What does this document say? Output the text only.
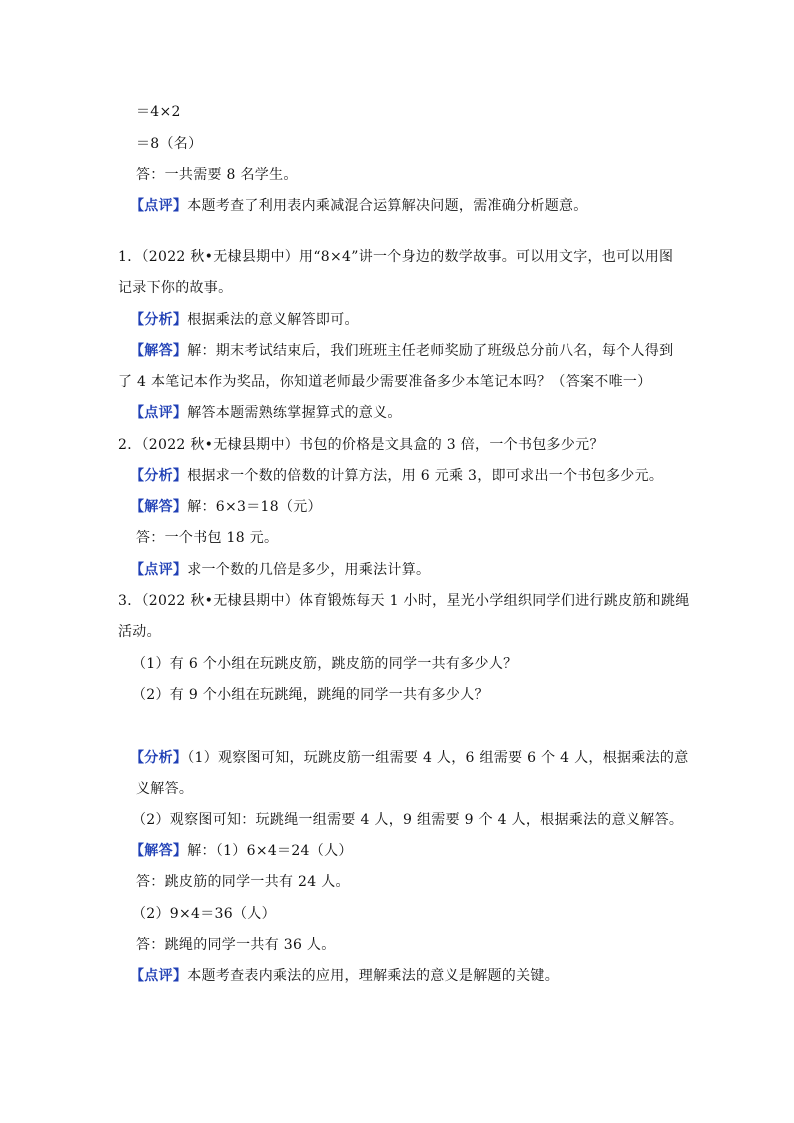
＝4×2
＝8（名）
答：一共需要 8 名学生。
【点评】本题考查了利用表内乘减混合运算解决问题，需准确分析题意。
1．（2022 秋•无棣县期中）用“8×4”讲一个身边的数学故事。可以用文字，也可以用图
记录下你的故事。
【分析】根据乘法的意义解答即可。
【解答】解：期末考试结束后，我们班班主任老师奖励了班级总分前八名，每个人得到
了 4 本笔记本作为奖品，你知道老师最少需要准备多少本笔记本吗？（答案不唯一）
【点评】解答本题需熟练掌握算式的意义。
2．（2022 秋•无棣县期中）书包的价格是文具盒的 3 倍，一个书包多少元？
【分析】根据求一个数的倍数的计算方法，用 6 元乘 3，即可求出一个书包多少元。
【解答】解：6×3＝18（元）
答：一个书包 18 元。
【点评】求一个数的几倍是多少，用乘法计算。
3．（2022 秋•无棣县期中）体育锻炼每天 1 小时，星光小学组织同学们进行跳皮筋和跳绳
活动。
（1）有 6 个小组在玩跳皮筋，跳皮筋的同学一共有多少人？
（2）有 9 个小组在玩跳绳，跳绳的同学一共有多少人？
【分析】（1）观察图可知，玩跳皮筋一组需要 4 人，6 组需要 6 个 4 人，根据乘法的意
义解答。
（2）观察图可知：玩跳绳一组需要 4 人，9 组需要 9 个 4 人，根据乘法的意义解答。
【解答】解：（1）6×4＝24（人）
答：跳皮筋的同学一共有 24 人。
（2）9×4＝36（人）
答：跳绳的同学一共有 36 人。
【点评】本题考查表内乘法的应用，理解乘法的意义是解题的关键。
